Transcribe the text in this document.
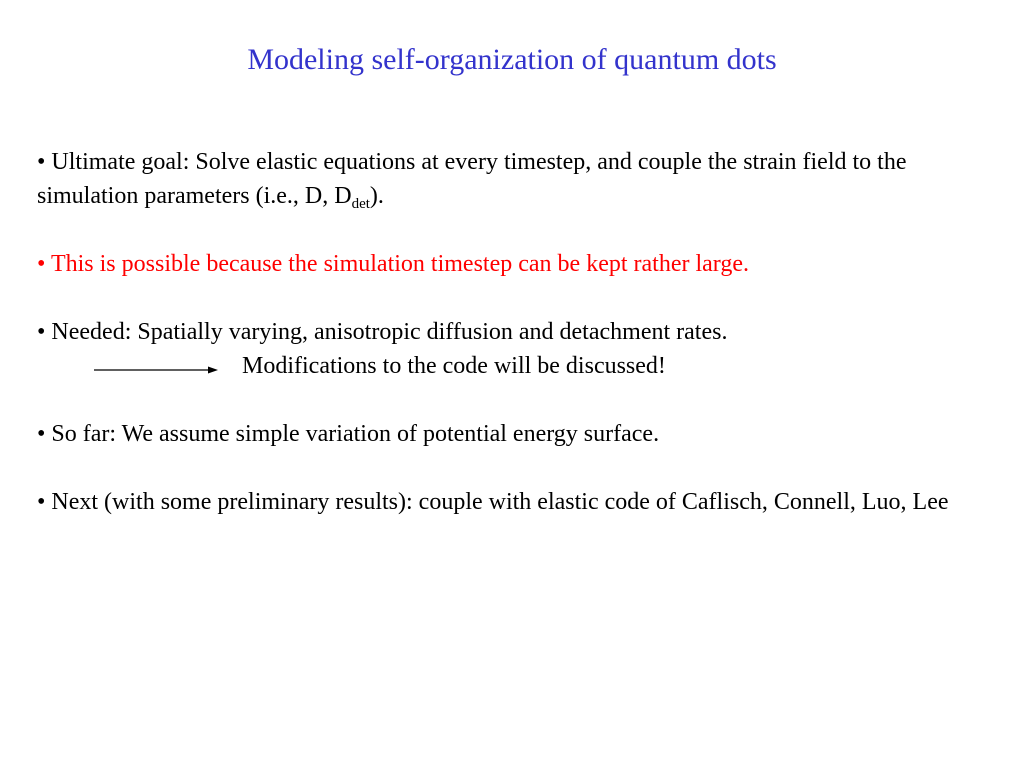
Modeling self-organization of quantum dots

• Ultimate goal: Solve elastic equations at every timestep, and couple the strain field to the simulation parameters (i.e., D, $D_{det}$).

• This is possible because the simulation timestep can be kept rather large.

• Needed: Spatially varying, anisotropic diffusion and detachment rates.

Modifications to the code will be discussed!

• So far: We assume simple variation of potential energy surface.

• Next (with some preliminary results): couple with elastic code of Caflisch, Connell, Luo, Lee
